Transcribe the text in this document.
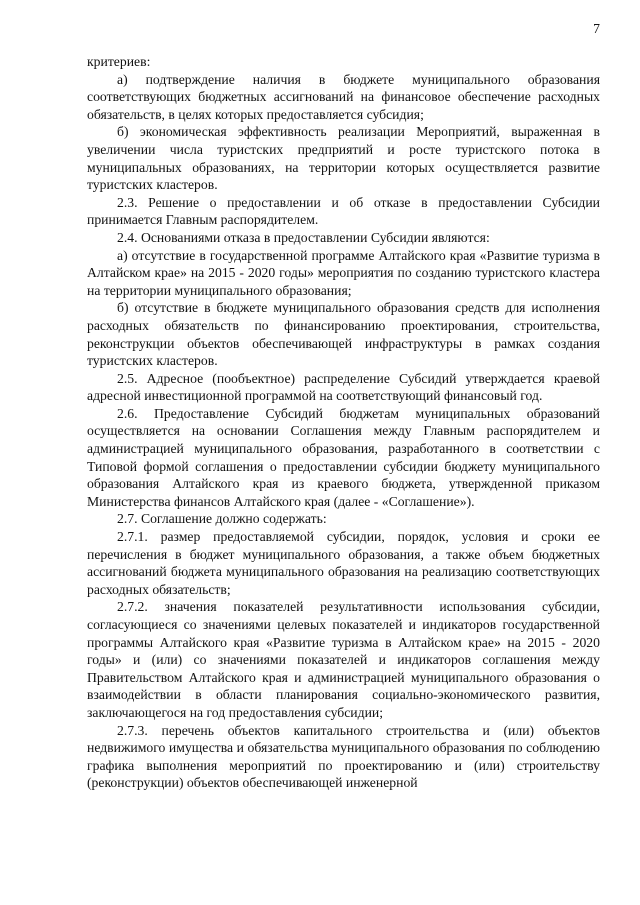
7

критериев:

а) подтверждение наличия в бюджете муниципального образования соответствующих бюджетных ассигнований на финансовое обеспечение расходных обязательств, в целях которых предоставляется субсидия;

б) экономическая эффективность реализации Мероприятий, выраженная в увеличении числа туристских предприятий и росте туристского потока в муниципальных образованиях, на территории которых осуществляется развитие туристских кластеров.

2.3. Решение о предоставлении и об отказе в предоставлении Субсидии принимается Главным распорядителем.

2.4. Основаниями отказа в предоставлении Субсидии являются:

а) отсутствие в государственной программе Алтайского края «Развитие туризма в Алтайском крае» на 2015 - 2020 годы» мероприятия по созданию туристского кластера на территории муниципального образования;

б) отсутствие в бюджете муниципального образования средств для исполнения расходных обязательств по финансированию проектирования, строительства, реконструкции объектов обеспечивающей инфраструктуры в рамках создания туристских кластеров.

2.5. Адресное (пообъектное) распределение Субсидий утверждается краевой адресной инвестиционной программой на соответствующий финансовый год.

2.6. Предоставление Субсидий бюджетам муниципальных образований осуществляется на основании Соглашения между Главным распорядителем и администрацией муниципального образования, разработанного в соответствии с Типовой формой соглашения о предоставлении субсидии бюджету муниципального образования Алтайского края из краевого бюджета, утвержденной приказом Министерства финансов Алтайского края (далее - «Соглашение»).

2.7. Соглашение должно содержать:

2.7.1. размер предоставляемой субсидии, порядок, условия и сроки ее перечисления в бюджет муниципального образования, а также объем бюджетных ассигнований бюджета муниципального образования на реализацию соответствующих расходных обязательств;

2.7.2. значения показателей результативности использования субсидии, согласующиеся со значениями целевых показателей и индикаторов государственной программы Алтайского края «Развитие туризма в Алтайском крае» на 2015 - 2020 годы» и (или) со значениями показателей и индикаторов соглашения между Правительством Алтайского края и администрацией муниципального образования о взаимодействии в области планирования социально-экономического развития, заключающегося на год предоставления субсидии;

2.7.3. перечень объектов капитального строительства и (или) объектов недвижимого имущества и обязательства муниципального образования по соблюдению графика выполнения мероприятий по проектированию и (или) строительству (реконструкции) объектов обеспечивающей инженерной
